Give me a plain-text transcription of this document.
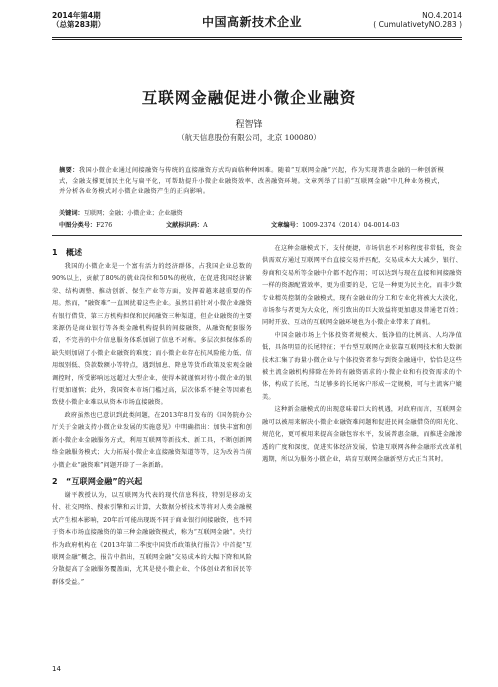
2014年第4期
（总第283期）	中国高新技术企业	NO.4.2014
( CumulativetyNO.283 )
互联网金融促进小微企业融资
程智锋
（航天信息股份有限公司，北京 100080）
摘要：我国小微企业通过间接融资与传统的直接融资方式均面临种种困难。随着“互联网金融”兴起，作为实现普惠金融的一种创新模式，金融支撑更加民主化与扁平化，可帮助提升小微企业融资效率、改善融资环境。文章列举了目前“互联网金融”中几种业务模式，并分析各业务模式对小微企业融资产生的正向影响。
关键词：互联网；金融；小微企业；企业融资
中图分类号：F276	文献标识码：A	文章编号：1009-2374（2014）04-0014-03
1　概述

我国的小微企业是一个富有活力的经济群体，占我国企业总数的90%以上，贡献了80%的就业岗位和50%的税收，在促进我国经济繁荣、结构调整、推动创新、保生产业等方面，发挥着越来越重要的作用。然而，“融资难”一直困扰着这些企业。虽然目前针对小微企业融资有银行借贷、第三方机构担保和民间融资三种渠道，但企业融资的主要来源仍是商业银行等各类金融机构提供的间接融资，从融资配套服务看，不完善的中介信息服务体系加剧了信息不对称。多层次担保体系的缺失则加剧了小微企业融资的难度；而小微企业存在抗风险能力低、信用级别低、贷款数额小等特点，遇到加息、降息等货币政策及宏观金融调控时，所受影响远远超过大型企业，使得本就谨慎对待小微企业的银行更加谨慎；此外，我国资本市场门槛过高，层次体系不健全等因素也致使小微企业难以从资本市场直接融资。

政府虽然也已意识到此类问题，在2013年8月发布的《国务院办公厅关于金融支持小微企业发展的实施意见》中明确指出：加快丰富和创新小微企业金融服务方式，利用互联网等新技术、新工具，不断创新网络金融服务模式；大力拓展小微企业直接融资渠道等等，这为改善当前小微企业“融资难”问题开辟了一条新路。

2　“互联网金融”的兴起

谢平教授认为，以互联网为代表的现代信息科技，特别是移动支付、社交网络、搜索引擎和云计算，大数据分析技术等将对人类金融模式产生根本影响，20年后可能出现既不同于商业银行间接融资，也不同于资本市场直接融资的第三种金融融资模式，称为“互联网金融”。央行作为政府机构在《2013年第二季度中国货币政策执行报告》中首提“互联网金融”概念，报告中指出，互联网金融“交易成本的大幅下降和风险分散提高了金融服务覆盖面，尤其是使小微企业、个体创业者和居民等群体受益。”

在这种金融模式下，支付便捷，市场信息不对称程度非常低，资金供需双方通过互联网平台直接交易并匹配，交易成本大大减少，银行、券商和交易所等金融中介都不起作用；可以达到与现在直接和间接融资一样的资源配置效率，更为重要的是，它是一种更为民主化，而非少数专业精英控制的金融模式，现有金融业的分工和专业化将被大大淡化，市场参与者更为大众化，所引致出的巨大效益将更加惠及普通老百姓；同时开放、互动的互联网金融环境也为小微企业带来了商机。

中国金融市场上个体投资者规模大、低净值的比例高、人均净值低，具备明显的长尾特征；平台型互联网企业依靠互联网技术和大数据技术汇集了海量小微企业与个体投资者参与到资金融通中，恰恰是这些被主流金融机构排除在外的有融资需求的小微企业和有投资需求的个体，构成了长尾，当足够多的长尾客户形成一定规模，可与主流客户媲美。

这种新金融模式的出现意味着巨大的机遇，对政府而言，互联网金融可以被用来解决小微企业融资难问题和促进民间金融借贷的阳光化、规范化，更可被用来提高金融包容水平，发展普惠金融，而推进金融渗透的广度和深度，促进实体经济发展，恰逢互联网各种金融形式改革机遇期，所以为服务小微企业，培育互联网金融新型方式正当其时。

14
